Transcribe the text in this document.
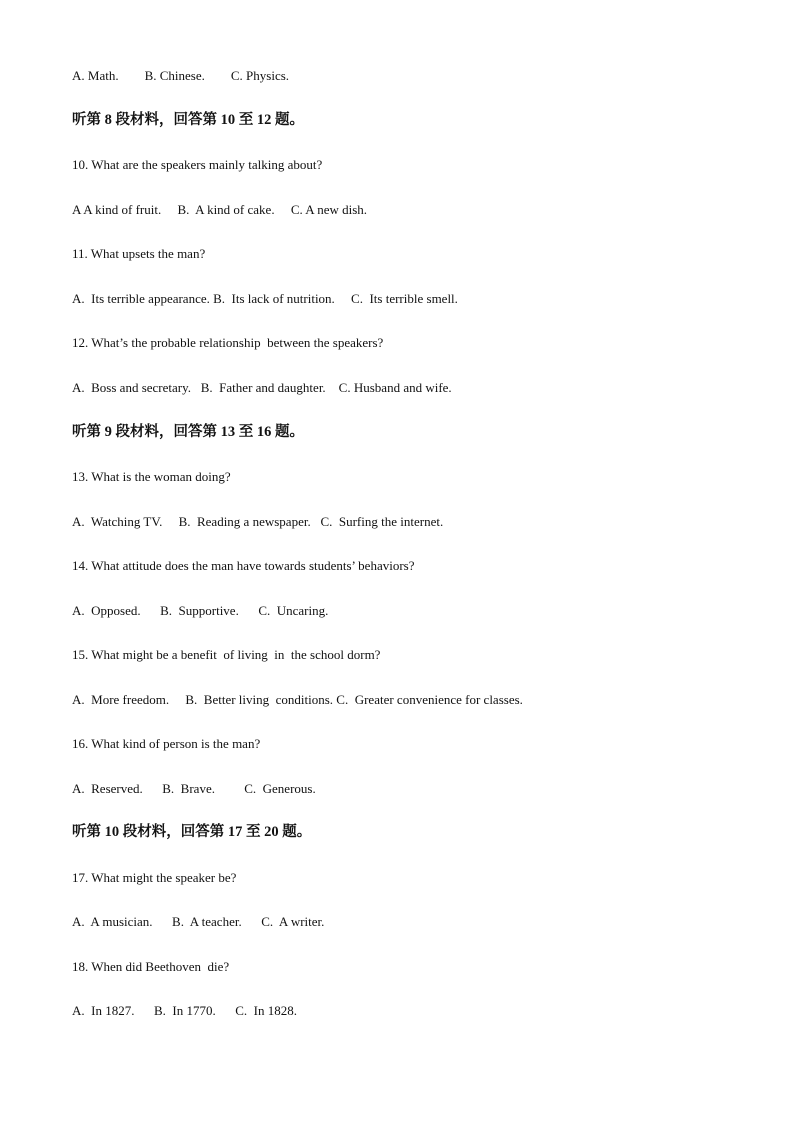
A. Math.        B. Chinese.        C. Physics.
听第 8 段材料，回答第 10 至 12 题。
10. What are the speakers mainly talking about?
A A kind of fruit.     B.  A kind of cake.     C. A new dish.
11. What upsets the man?
A.  Its terrible appearance. B.  Its lack of nutrition.     C.  Its terrible smell.
12. What’s the probable relationship  between the speakers?
A.  Boss and secretary.   B.  Father and daughter.    C. Husband and wife.
听第 9 段材料，回答第 13 至 16 题。
13. What is the woman doing?
A.  Watching TV.     B.  Reading a newspaper.   C.  Surfing the internet.
14. What attitude does the man have towards students’ behaviors?
A.  Opposed.      B.  Supportive.      C.  Uncaring.
15. What might be a benefit  of living  in  the school dorm?
A.  More freedom.     B.  Better living  conditions. C.  Greater convenience for classes.
16. What kind of person is the man?
A.  Reserved.      B.  Brave.         C.  Generous.
听第 10 段材料，回答第 17 至 20 题。
17. What might the speaker be?
A.  A musician.      B.  A teacher.      C.  A writer.
18. When did Beethoven  die?
A.  In 1827.      B.  In 1770.      C.  In 1828.
